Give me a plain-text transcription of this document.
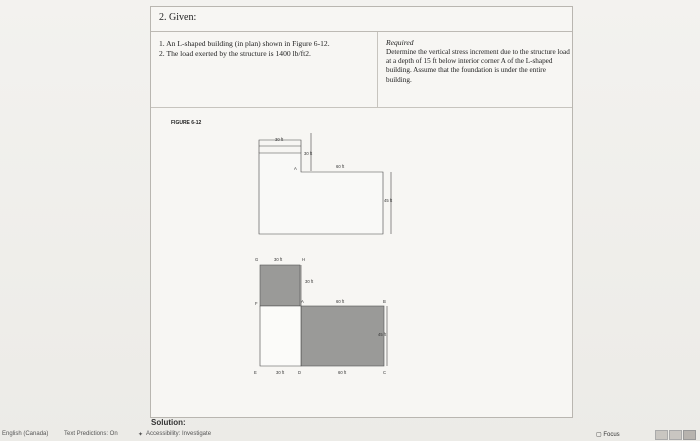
2. Given:
1. An L-shaped building (in plan) shown in Figure 6-12.
2. The load exerted by the structure is 1400 lb/ft2.
Required
Determine the vertical stress increment due to the structure load at a depth of 15 ft below interior corner A of the L-shaped building. Assume that the foundation is under the entire building.
FIGURE 6-12
30 ft
30 ft
60 ft
45 ft
A
G	30 ft	H
30 ft
F	A	60 ft	B
45 ft
E	30 ft	D	60 ft	C
Solution:
English (Canada)	Text Predictions: On	✦ Accessibility: Investigate	▢ Focus
